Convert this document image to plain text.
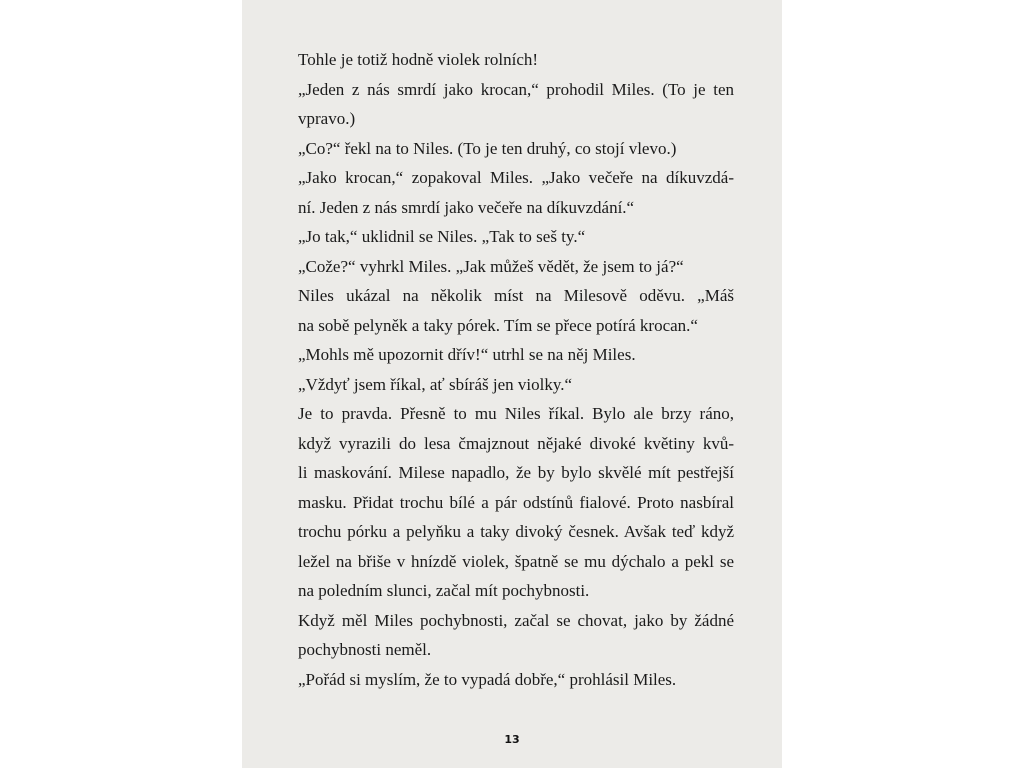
Tohle je totiž hodně violek rolních!
„Jeden z nás smrdí jako krocan,“ prohodil Miles. (To je ten
vpravo.)
„Co?“ řekl na to Niles. (To je ten druhý, co stojí vlevo.)
„Jako krocan,“ zopakoval Miles. „Jako večeře na díkuvzdá-
ní. Jeden z nás smrdí jako večeře na díkuvzdání.“
„Jo tak,“ uklidnil se Niles. „Tak to seš ty.“
„Cože?“ vyhrkl Miles. „Jak můžeš vědět, že jsem to já?“
Niles ukázal na několik míst na Milesově oděvu. „Máš
na sobě pelyněk a taky pórek. Tím se přece potírá krocan.“
„Mohls mě upozornit dřív!“ utrhl se na něj Miles.
„Vždyť jsem říkal, ať sbíráš jen violky.“
Je to pravda. Přesně to mu Niles říkal. Bylo ale brzy ráno,
když vyrazili do lesa čmajznout nějaké divoké květiny kvů-
li maskování. Milese napadlo, že by bylo skvělé mít pestřejší
masku. Přidat trochu bílé a pár odstínů fialové. Proto nasbíral
trochu pórku a pelyňku a taky divoký česnek. Avšak teď když
ležel na břiše v hnízdě violek, špatně se mu dýchalo a pekl se
na poledním slunci, začal mít pochybnosti.
Když měl Miles pochybnosti, začal se chovat, jako by žádné
pochybnosti neměl.
„Pořád si myslím, že to vypadá dobře,“ prohlásil Miles.
13
